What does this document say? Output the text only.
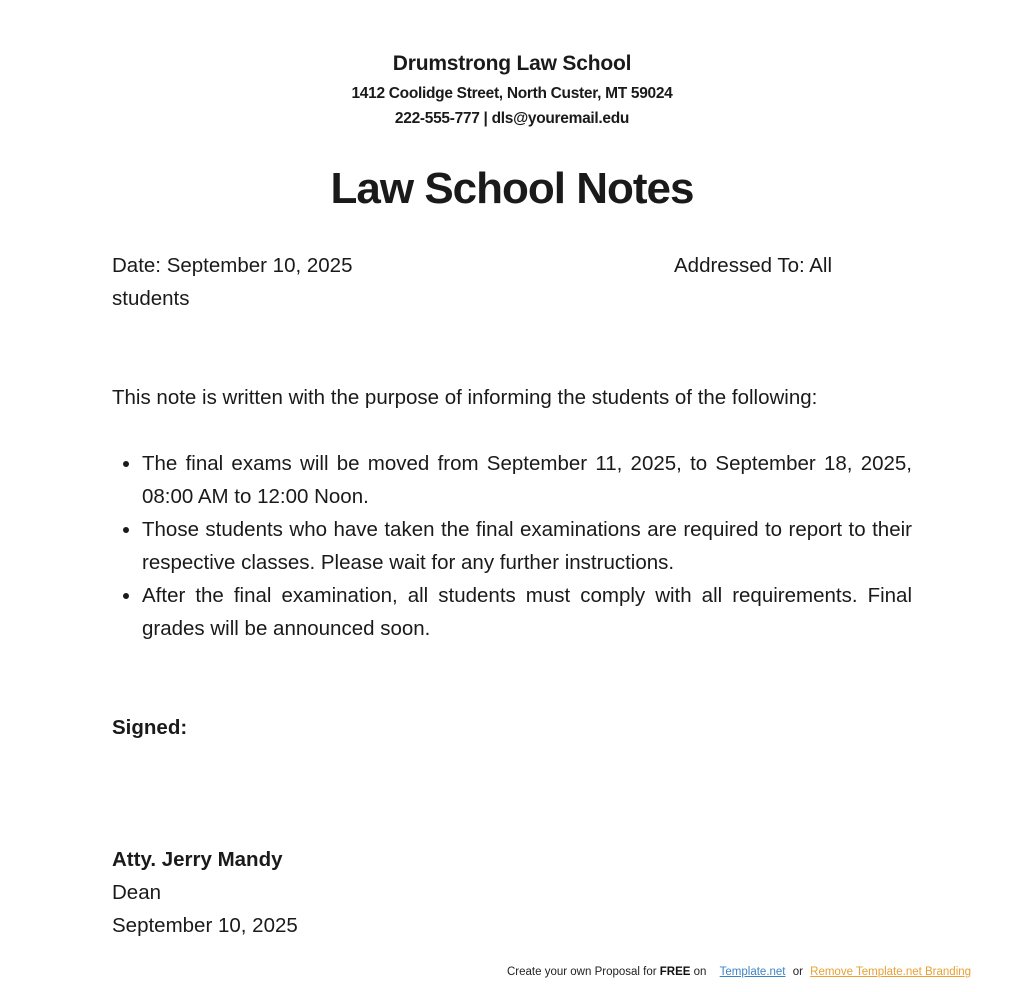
Drumstrong Law School
1412 Coolidge Street, North Custer, MT 59024
222-555-777 | dls@youremail.edu
Law School Notes
Date: September 10, 2025	Addressed To: All
students
This note is written with the purpose of informing the students of the following:
• The final exams will be moved from September 11, 2025, to September 18, 2025, 08:00 AM to 12:00 Noon.
• Those students who have taken the final examinations are required to report to their respective classes. Please wait for any further instructions.
• After the final examination, all students must comply with all requirements. Final grades will be announced soon.
Signed:
Atty. Jerry Mandy
Dean
September 10, 2025
Create your own Proposal for FREE on Template.net or Remove Template.net Branding
